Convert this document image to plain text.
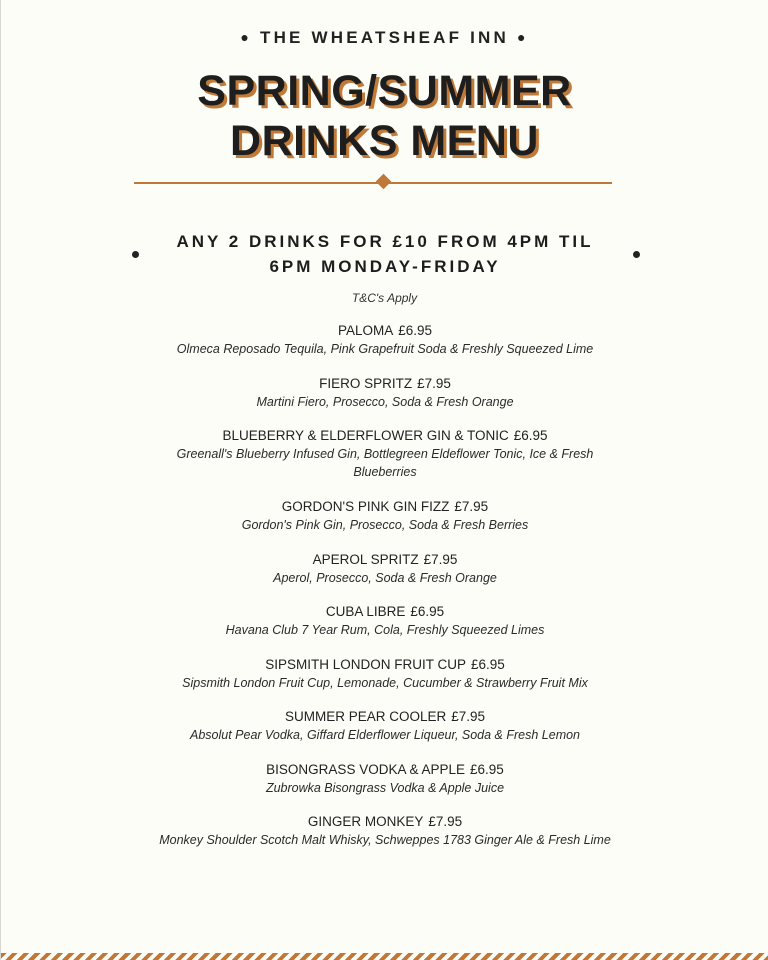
● THE WHEATSHEAF INN ●
SPRING/SUMMER
DRINKS MENU
ANY 2 DRINKS FOR £10 FROM 4PM TIL
6PM MONDAY-FRIDAY
T&C's Apply
PALOMA £6.95
Olmeca Reposado Tequila, Pink Grapefruit Soda & Freshly Squeezed Lime
FIERO SPRITZ £7.95
Martini Fiero, Prosecco, Soda & Fresh Orange
BLUEBERRY & ELDERFLOWER GIN & TONIC £6.95
Greenall's Blueberry Infused Gin, Bottlegreen Eldeflower Tonic, Ice & Fresh Blueberries
GORDON'S PINK GIN FIZZ £7.95
Gordon's Pink Gin, Prosecco, Soda & Fresh Berries
APEROL SPRITZ £7.95
Aperol, Prosecco, Soda & Fresh Orange
CUBA LIBRE £6.95
Havana Club 7 Year Rum, Cola, Freshly Squeezed Limes
SIPSMITH LONDON FRUIT CUP £6.95
Sipsmith London Fruit Cup, Lemonade, Cucumber & Strawberry Fruit Mix
SUMMER PEAR COOLER £7.95
Absolut Pear Vodka, Giffard Elderflower Liqueur, Soda & Fresh Lemon
BISONGRASS VODKA & APPLE £6.95
Zubrowka Bisongrass Vodka & Apple Juice
GINGER MONKEY £7.95
Monkey Shoulder Scotch Malt Whisky, Schweppes 1783 Ginger Ale & Fresh Lime
